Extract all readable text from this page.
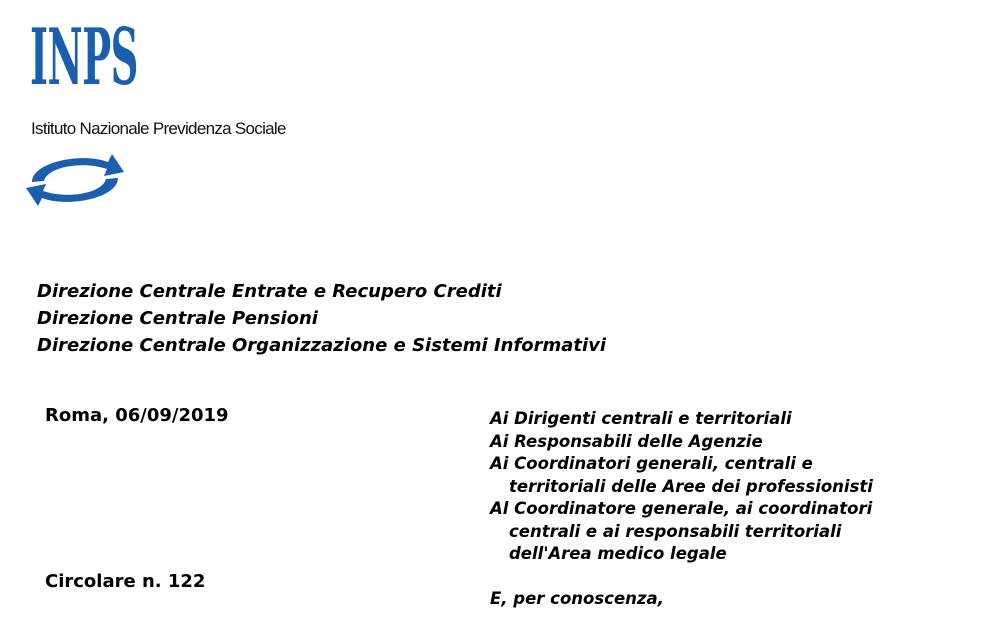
INPS
Istituto Nazionale Previdenza Sociale
Direzione Centrale Entrate e Recupero Crediti
Direzione Centrale Pensioni
Direzione Centrale Organizzazione e Sistemi Informativi
Roma, 06/09/2019	Ai Dirigenti centrali e territoriali
Ai Responsabili delle Agenzie
Ai Coordinatori generali, centrali e
territoriali delle Aree dei professionisti
Al Coordinatore generale, ai coordinatori
centrali e ai responsabili territoriali
dell'Area medico legale
Circolare n. 122
E, per conoscenza,
